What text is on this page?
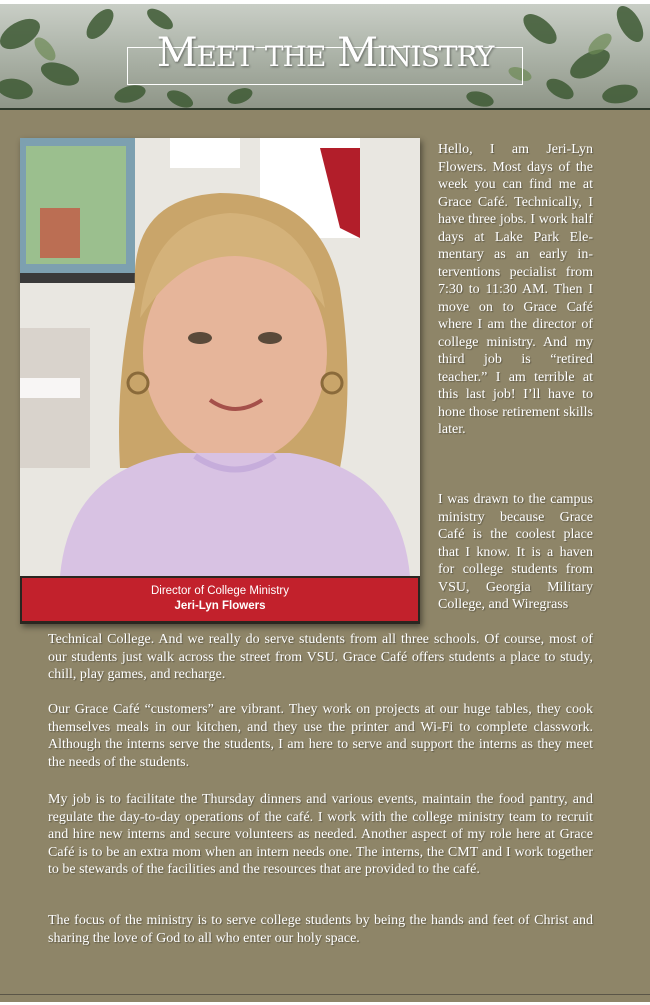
Meet the Ministry
Director of College Ministry
Jeri-Lyn Flowers

Hello, I am Jeri-Lyn Flowers. Most days of the week you can find me at Grace Café. Technically, I have three jobs. I work half days at Lake Park Elementary as an early interventions pecialist from 7:30 to 11:30 AM. Then I move on to Grace Café where I am the director of college ministry. And my third job is “retired teacher.” I am terrible at this last job! I’ll have to hone those retirement skills later.

I was drawn to the campus ministry because Grace Café is the coolest place that I know. It is a haven for college students from VSU, Georgia Military College, and Wiregrass

Technical College. And we really do serve students from all three schools. Of course, most of our students just walk across the street from VSU. Grace Café offers students a place to study, chill, play games, and recharge.

Our Grace Café “customers” are vibrant. They work on projects at our huge tables, they cook themselves meals in our kitchen, and they use the printer and Wi-Fi to complete classwork. Although the interns serve the students, I am here to serve and support the interns as they meet the needs of the students.

My job is to facilitate the Thursday dinners and various events, maintain the food pantry, and regulate the day-to-day operations of the café. I work with the college ministry team to recruit and hire new interns and secure volunteers as needed. Another aspect of my role here at Grace Café is to be an extra mom when an intern needs one. The interns, the CMT and I work together to be stewards of the facilities and the resources that are provided to the café.

The focus of the ministry is to serve college students by being the hands and feet of Christ and sharing the love of God to all who enter our holy space.
